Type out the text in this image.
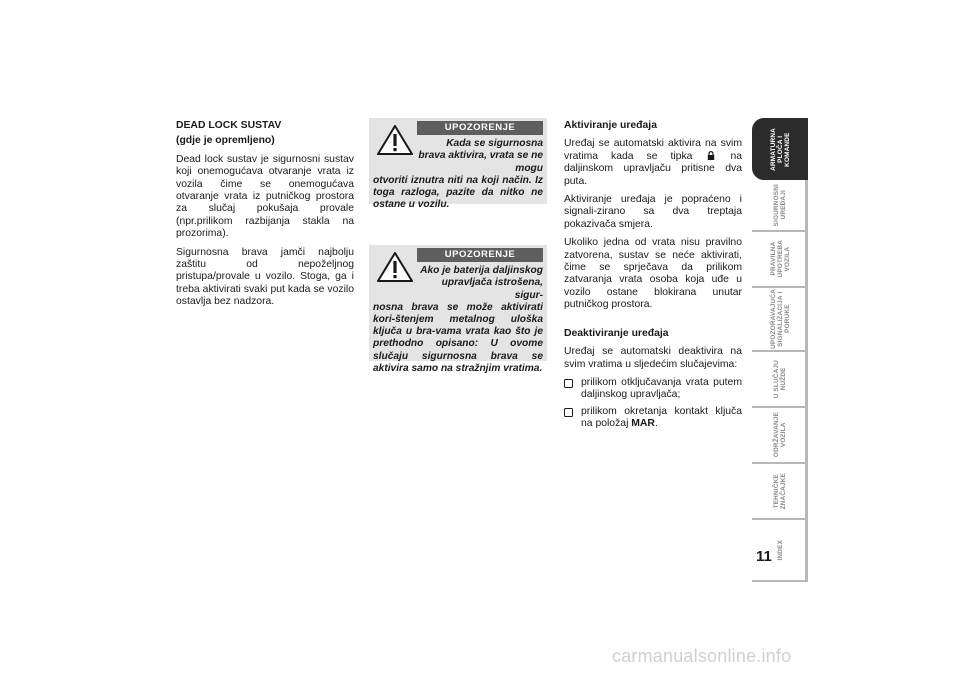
DEAD LOCK SUSTAV

(gdje je opremljeno)

Dead lock sustav je sigurnosni sustav koji onemogućava otvaranje vrata iz vozila čime se onemogućava otvaranje vrata iz putničkog prostora za slučaj pokušaja provale (npr.prilikom razbijanja stakla na prozorima).

Sigurnosna brava jamči najbolju zaštitu od nepoželjnog pristupa/provale u vozilo. Stoga, ga i treba aktivirati svaki put kada se vozilo ostavlja bez nadzora.

UPOZORENJE
Kada se sigurnosna brava aktivira, vrata se ne mogu

otvoriti iznutra niti na koji način. Iz toga razloga, pazite da nitko ne ostane u vozilu.

UPOZORENJE
Ako je baterija daljinskog upravljača istrošena, sigur-

nosna brava se može aktivirati kori-štenjem metalnog uloška ključa u bra-vama vrata kao što je prethodno opisano: U ovome slučaju sigurnosna brava se aktivira samo na stražnjim vratima.

Aktiviranje uređaja

Uređaj se automatski aktivira na svim vratima kada se tipka	na daljinskom upravljaču pritisne dva puta.

Aktiviranje uređaja je popraćeno i signali-zirano sa dva treptaja pokazivača smjera.

Ukoliko jedna od vrata nisu pravilno zatvorena, sustav se neće aktivirati, čime se sprječava da prilikom zatvaranja vrata osoba koja uđe u vozilo ostane blokirana unutar putničkog prostora.

Deaktiviranje uređaja

Uređaj se automatski deaktivira na svim vratima u sljedećim slučajevima:

prilikom otključavanja vrata putem daljinskog upravljača;
prilikom okretanja kontakt ključa na položaj MAR.
ARMATURNA
PLOČA I
KOMANDE
SIGURNOSNI
UREĐAJI
PRAVILNA
UPOTREBA
VOZILA
UPOZORAVAJUĆA
SIGNALIZACIJA I
PORUKE
U SLUČAJU
NUŽDE
ODRŽAVANJE
VOZILA
TEHNIČKE
ZNAČAJKE
INDEX
11
carmanualsonline.info
